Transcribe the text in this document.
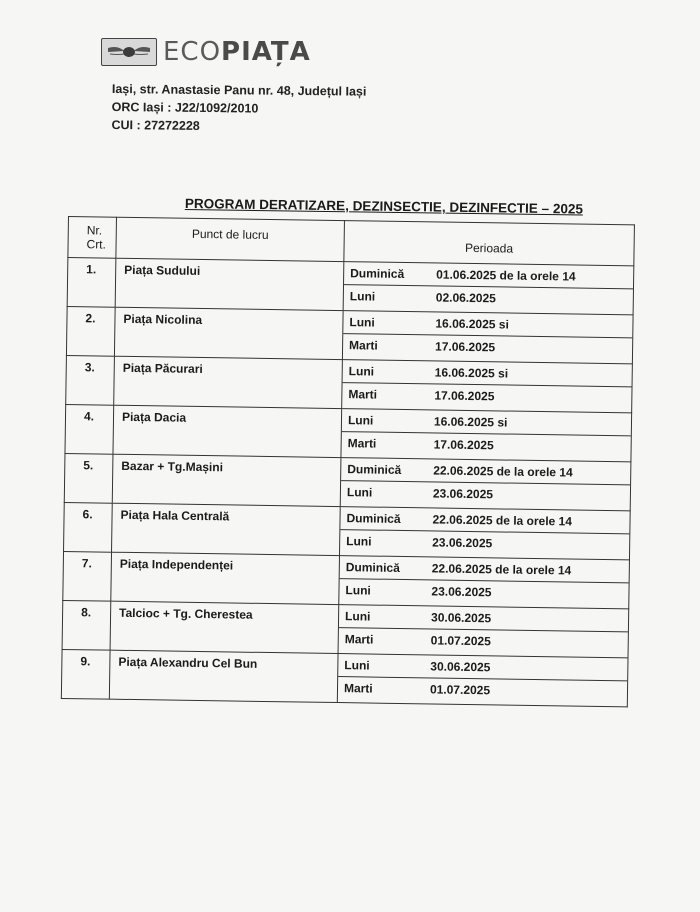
ECOPIAȚA
Iași, str. Anastasie Panu nr. 48, Județul Iași
ORC Iași : J22/1092/2010
CUI : 27272228
PROGRAM DERATIZARE, DEZINSECTIE, DEZINFECTIE – 2025
Nr.
Crt.	Punct de lucru	Perioada
1.	Piața Sudului	Duminică 01.06.2025 de la orele 14
Luni 02.06.2025

2.	Piața Nicolina	Luni 16.06.2025 si
Marti 17.06.2025

3.	Piața Păcurari	Luni 16.06.2025 si
Marti 17.06.2025

4.	Piața Dacia	Luni 16.06.2025 si
Marti 17.06.2025

5.	Bazar + Tg.Mașini	Duminică 22.06.2025 de la orele 14
Luni 23.06.2025

6.	Piața Hala Centrală	Duminică 22.06.2025 de la orele 14
Luni 23.06.2025

7.	Piața Independenței	Duminică 22.06.2025 de la orele 14
Luni 23.06.2025

8.	Talcioc + Tg. Cherestea	Luni 30.06.2025
Marti 01.07.2025

9.	Piața Alexandru Cel Bun	Luni 30.06.2025
Marti 01.07.2025
